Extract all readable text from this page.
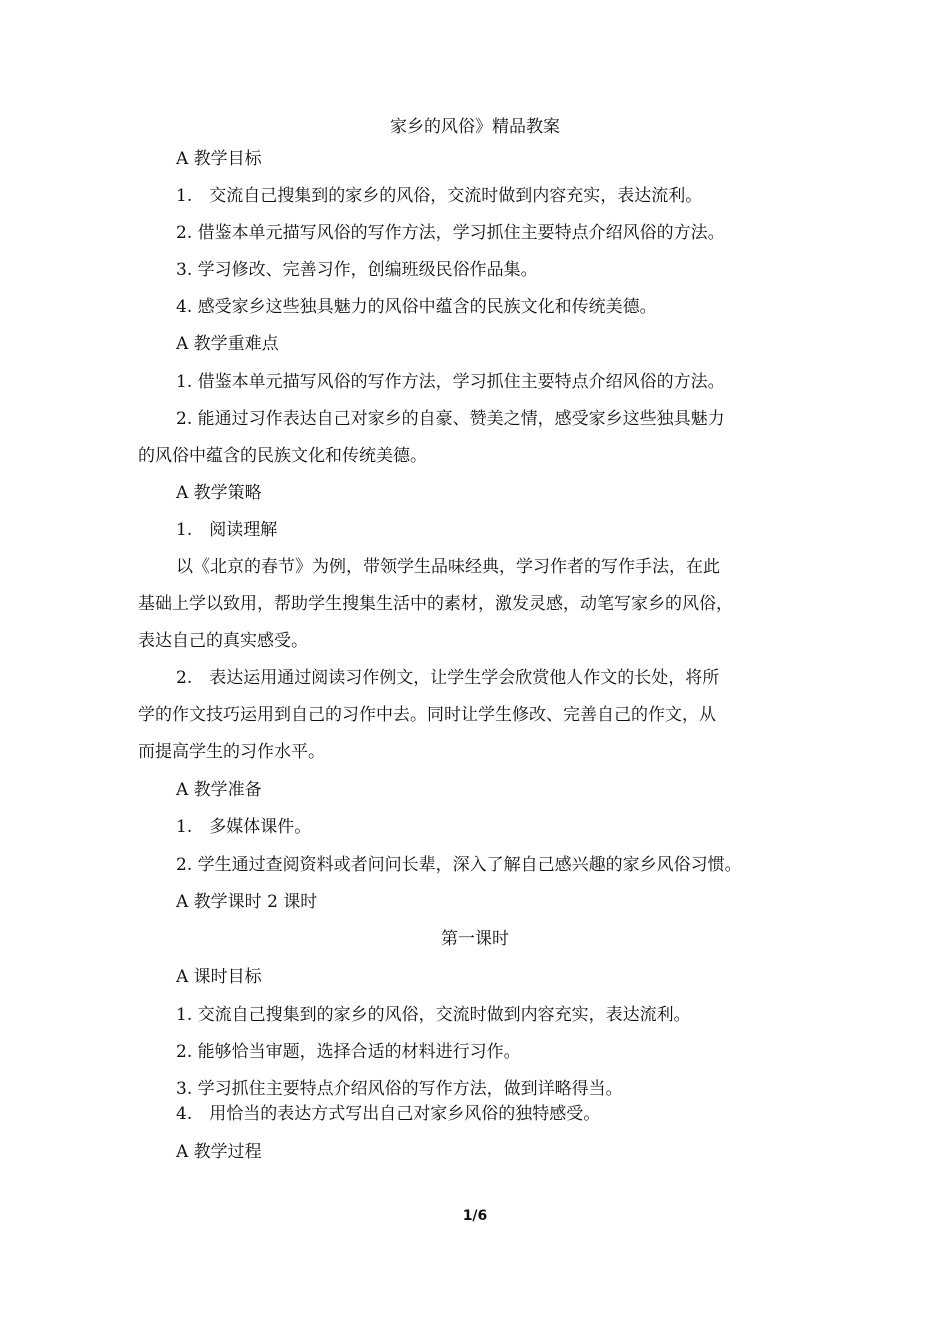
家乡的风俗》精品教案
A 教学目标
1.　交流自己搜集到的家乡的风俗，交流时做到内容充实，表达流利。
2. 借鉴本单元描写风俗的写作方法，学习抓住主要特点介绍风俗的方法。
3. 学习修改、完善习作，创编班级民俗作品集。
4. 感受家乡这些独具魅力的风俗中蕴含的民族文化和传统美德。
A 教学重难点
1. 借鉴本单元描写风俗的写作方法，学习抓住主要特点介绍风俗的方法。
2. 能通过习作表达自己对家乡的自豪、赞美之情，感受家乡这些独具魅力
的风俗中蕴含的民族文化和传统美德。
A 教学策略
1.　阅读理解
以《北京的春节》为例，带领学生品味经典，学习作者的写作手法，在此
基础上学以致用，帮助学生搜集生活中的素材，激发灵感，动笔写家乡的风俗，
表达自己的真实感受。
2.　表达运用通过阅读习作例文，让学生学会欣赏他人作文的长处，将所
学的作文技巧运用到自己的习作中去。同时让学生修改、完善自己的作文，从
而提高学生的习作水平。
A 教学准备
1.　多媒体课件。
2. 学生通过查阅资料或者问问长辈，深入了解自己感兴趣的家乡风俗习惯。
A 教学课时 2 课时
第一课时
A 课时目标
1. 交流自己搜集到的家乡的风俗，交流时做到内容充实，表达流利。
2. 能够恰当审题，选择合适的材料进行习作。
3. 学习抓住主要特点介绍风俗的写作方法，做到详略得当。
4.　用恰当的表达方式写出自己对家乡风俗的独特感受。
A 教学过程
1/6
